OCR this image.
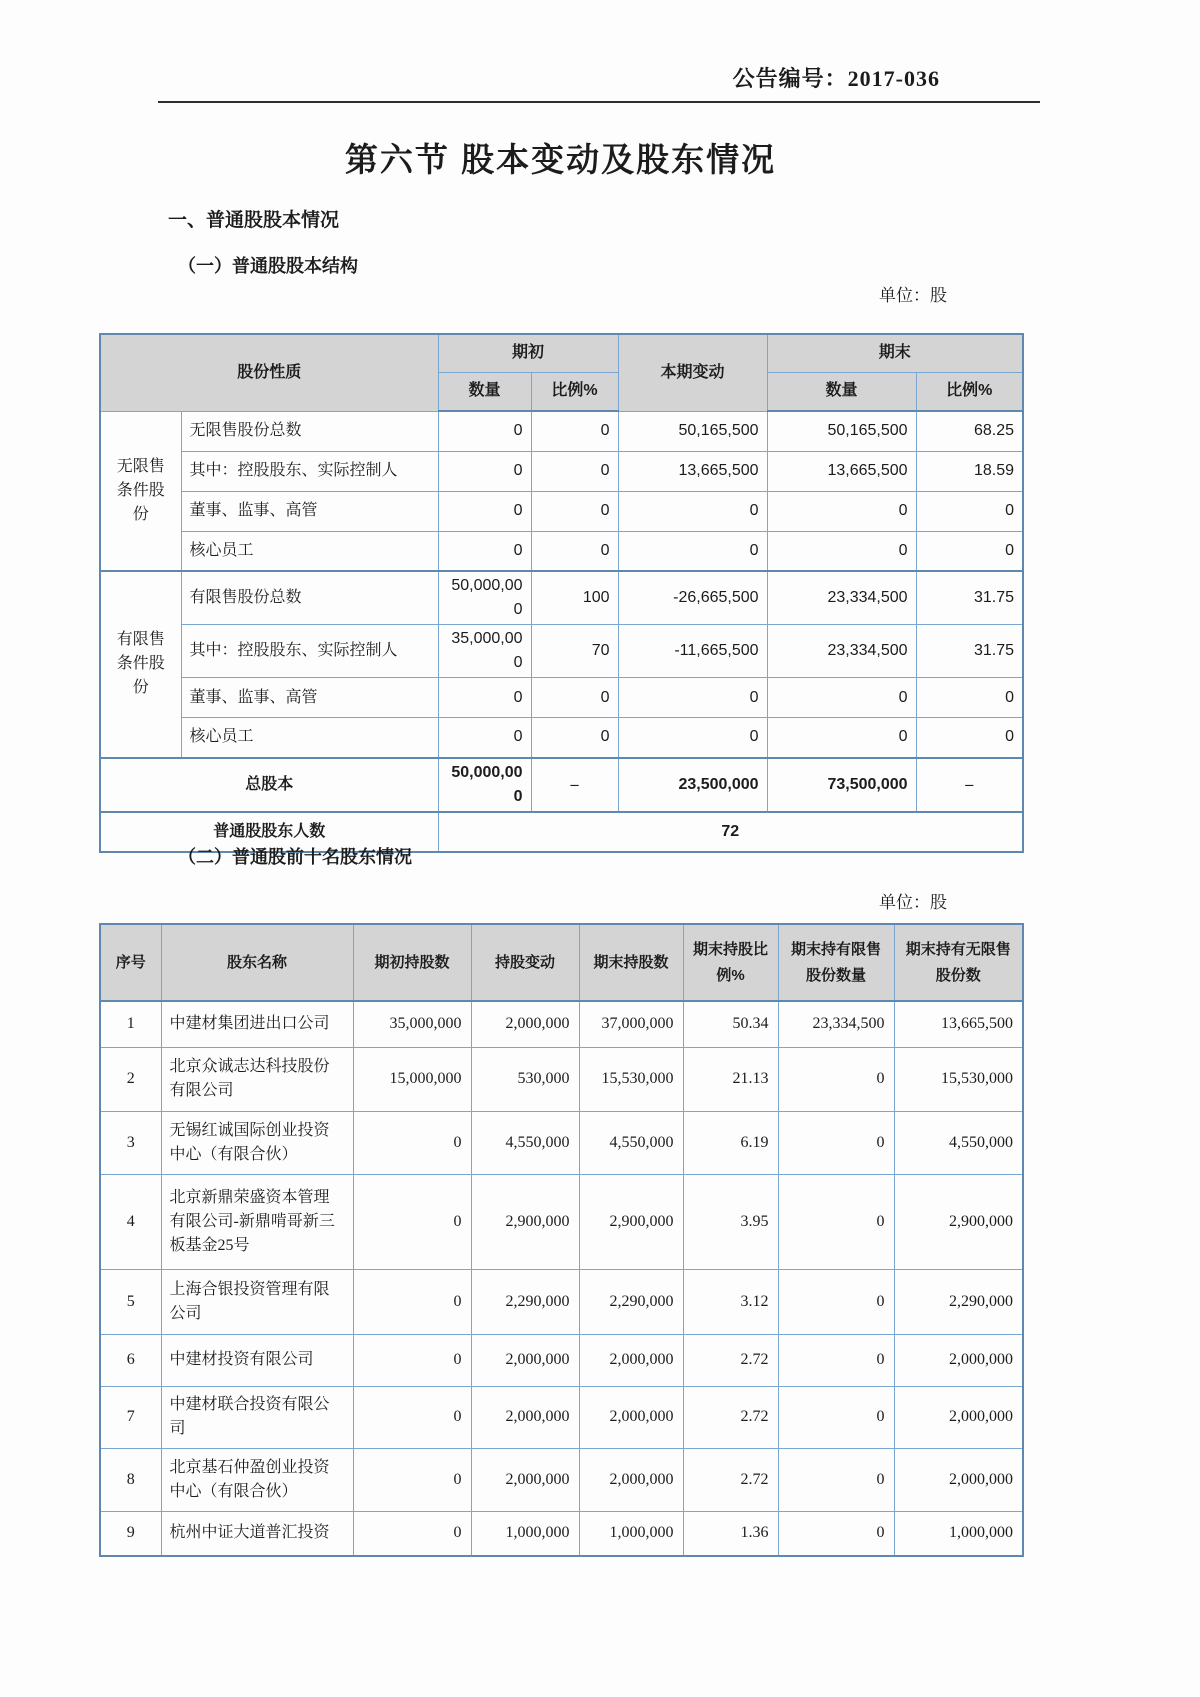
公告编号：2017-036
第六节 股本变动及股东情况
一、普通股股本情况
（一）普通股股本结构
单位：股
股份性质		期初		本期变动	期末	
		数量	比例%		数量	比例%
无限售条件股份	无限售股份总数	0	0	50,165,500	50,165,500	68.25
	其中：控股股东、实际控制人	0	0	13,665,500	13,665,500	18.59
	董事、监事、高管	0	0	0	0	0
	核心员工	0	0	0	0	0
有限售条件股份	有限售股份总数	50,000,000	100	-26,665,500	23,334,500	31.75
	其中：控股股东、实际控制人	35,000,000	70	-11,665,500	23,334,500	31.75
	董事、监事、高管	0	0	0	0	0
	核心员工	0	0	0	0	0
总股本		50,000,000	–	23,500,000	73,500,000	–
普通股股东人数		72				
（二）普通股前十名股东情况
单位：股
序号	股东名称	期初持股数	持股变动	期末持股数	期末持股比例%	期末持有限售股份数量	期末持有无限售股份数
1	中建材集团进出口公司	35,000,000	2,000,000	37,000,000	50.34	23,334,500	13,665,500
2	北京众诚志达科技股份有限公司	15,000,000	530,000	15,530,000	21.13	0	15,530,000
3	无锡红诚国际创业投资中心（有限合伙）	0	4,550,000	4,550,000	6.19	0	4,550,000
4	北京新鼎荣盛资本管理有限公司-新鼎啃哥新三板基金25号	0	2,900,000	2,900,000	3.95	0	2,900,000
5	上海合银投资管理有限公司	0	2,290,000	2,290,000	3.12	0	2,290,000
6	中建材投资有限公司	0	2,000,000	2,000,000	2.72	0	2,000,000
7	中建材联合投资有限公司	0	2,000,000	2,000,000	2.72	0	2,000,000
8	北京基石仲盈创业投资中心（有限合伙）	0	2,000,000	2,000,000	2.72	0	2,000,000
9	杭州中证大道普汇投资	0	1,000,000	1,000,000	1.36	0	1,000,000
